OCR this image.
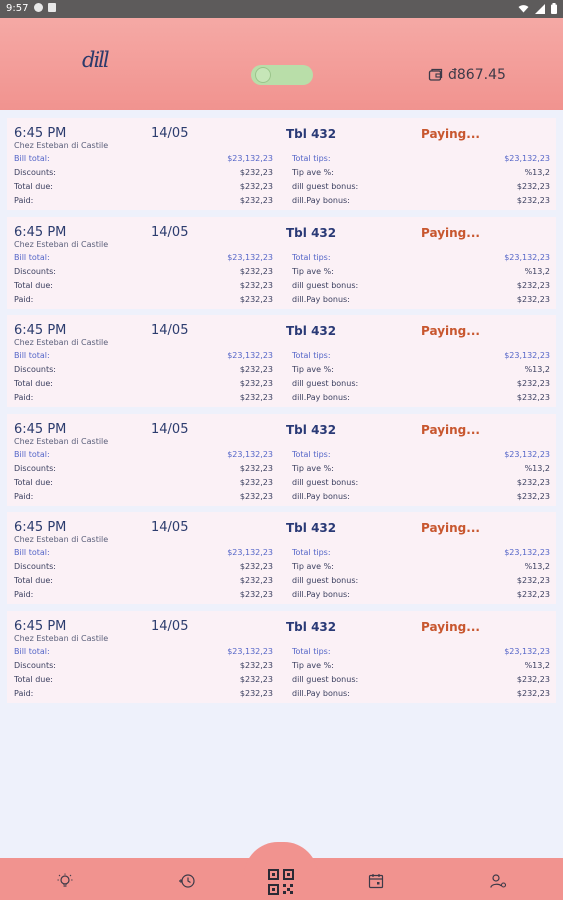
9:57
dill
đ867.45
6:45 PM
Chez Esteban di Castile
14/05	Tbl 432	Paying...
Bill total:	$23,132,23 Total tips:	$23,132,23
Discounts:	$232,23 Tip ave %:	%13,2
Total due:	$232,23 dill guest bonus:	$232,23
Paid:	$232,23 dill.Pay bonus:	$232,23
6:45 PM
Chez Esteban di Castile
14/05	Tbl 432	Paying...
Bill total:	$23,132,23 Total tips:	$23,132,23
Discounts:	$232,23 Tip ave %:	%13,2
Total due:	$232,23 dill guest bonus:	$232,23
Paid:	$232,23 dill.Pay bonus:	$232,23
6:45 PM
Chez Esteban di Castile
14/05	Tbl 432	Paying...
Bill total:	$23,132,23 Total tips:	$23,132,23
Discounts:	$232,23 Tip ave %:	%13,2
Total due:	$232,23 dill guest bonus:	$232,23
Paid:	$232,23 dill.Pay bonus:	$232,23
6:45 PM
Chez Esteban di Castile
14/05	Tbl 432	Paying...
Bill total:	$23,132,23 Total tips:	$23,132,23
Discounts:	$232,23 Tip ave %:	%13,2
Total due:	$232,23 dill guest bonus:	$232,23
Paid:	$232,23 dill.Pay bonus:	$232,23
6:45 PM
Chez Esteban di Castile
14/05	Tbl 432	Paying...
Bill total:	$23,132,23 Total tips:	$23,132,23
Discounts:	$232,23 Tip ave %:	%13,2
Total due:	$232,23 dill guest bonus:	$232,23
Paid:	$232,23 dill.Pay bonus:	$232,23
6:45 PM
Chez Esteban di Castile
14/05	Tbl 432	Paying...
Bill total:	$23,132,23 Total tips:	$23,132,23
Discounts:	$232,23 Tip ave %:	%13,2
Total due:	$232,23 dill guest bonus:	$232,23
Paid:	$232,23 dill.Pay bonus:	$232,23
